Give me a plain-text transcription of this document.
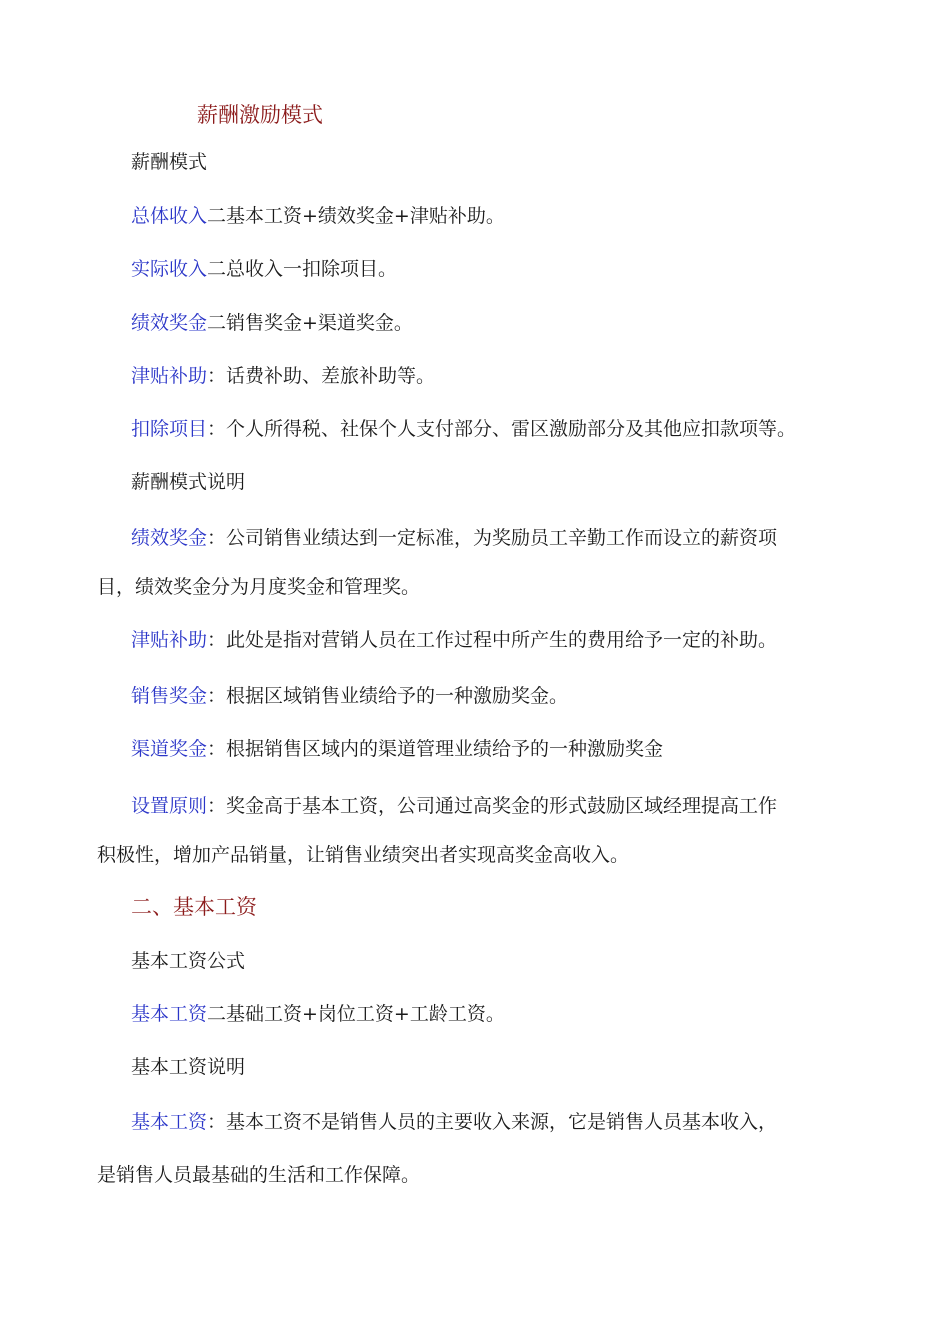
薪酬激励模式
薪酬模式
总体收入二基本工资+绩效奖金+津贴补助。
实际收入二总收入一扣除项目。
绩效奖金二销售奖金+渠道奖金。
津贴补助：话费补助、差旅补助等。
扣除项目：个人所得税、社保个人支付部分、雷区激励部分及其他应扣款项等。
薪酬模式说明
绩效奖金：公司销售业绩达到一定标准，为奖励员工辛勤工作而设立的薪资项
目，绩效奖金分为月度奖金和管理奖。
津贴补助：此处是指对营销人员在工作过程中所产生的费用给予一定的补助。
销售奖金：根据区域销售业绩给予的一种激励奖金。
渠道奖金：根据销售区域内的渠道管理业绩给予的一种激励奖金
设置原则：奖金高于基本工资，公司通过高奖金的形式鼓励区域经理提高工作
积极性，增加产品销量，让销售业绩突出者实现高奖金高收入。
二、基本工资
基本工资公式
基本工资二基础工资+岗位工资+工龄工资。
基本工资说明
基本工资：基本工资不是销售人员的主要收入来源，它是销售人员基本收入，
是销售人员最基础的生活和工作保障。
